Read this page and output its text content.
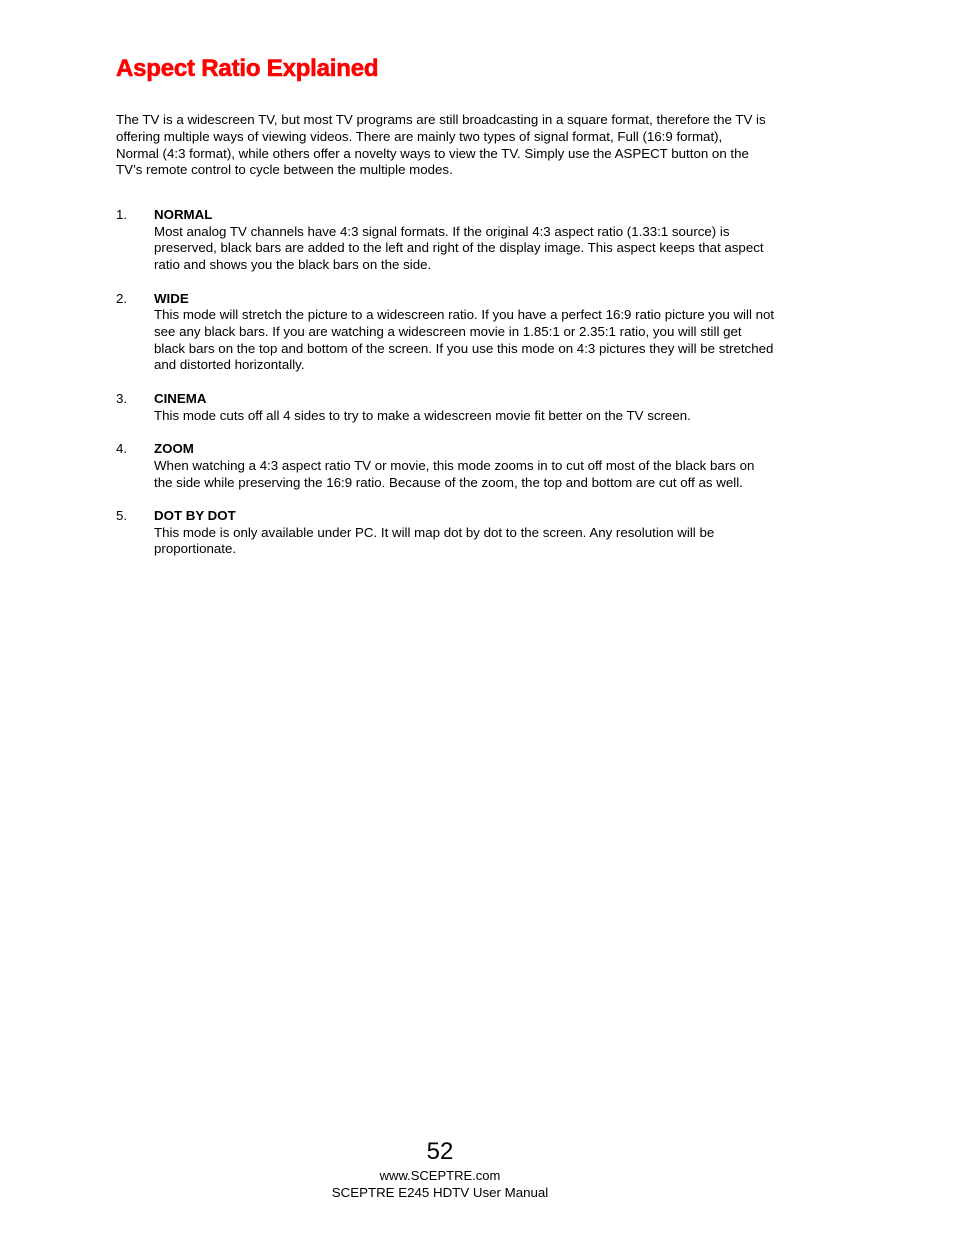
Aspect Ratio Explained

The TV is a widescreen TV, but most TV programs are still broadcasting in a square format, therefore the TV is offering multiple ways of viewing videos. There are mainly two types of signal format, Full (16:9 format), Normal (4:3 format), while others offer a novelty ways to view the TV. Simply use the ASPECT button on the TV’s remote control to cycle between the multiple modes.

1. NORMAL
Most analog TV channels have 4:3 signal formats. If the original 4:3 aspect ratio (1.33:1 source) is preserved, black bars are added to the left and right of the display image. This aspect keeps that aspect ratio and shows you the black bars on the side.
2. WIDE
This mode will stretch the picture to a widescreen ratio. If you have a perfect 16:9 ratio picture you will not see any black bars. If you are watching a widescreen movie in 1.85:1 or 2.35:1 ratio, you will still get black bars on the top and bottom of the screen. If you use this mode on 4:3 pictures they will be stretched and distorted horizontally.
3. CINEMA
This mode cuts off all 4 sides to try to make a widescreen movie fit better on the TV screen.
4. ZOOM
When watching a 4:3 aspect ratio TV or movie, this mode zooms in to cut off most of the black bars on the side while preserving the 16:9 ratio. Because of the zoom, the top and bottom are cut off as well.
5. DOT BY DOT
This mode is only available under PC. It will map dot by dot to the screen. Any resolution will be proportionate.
52
www.SCEPTRE.com
SCEPTRE E245 HDTV User Manual
